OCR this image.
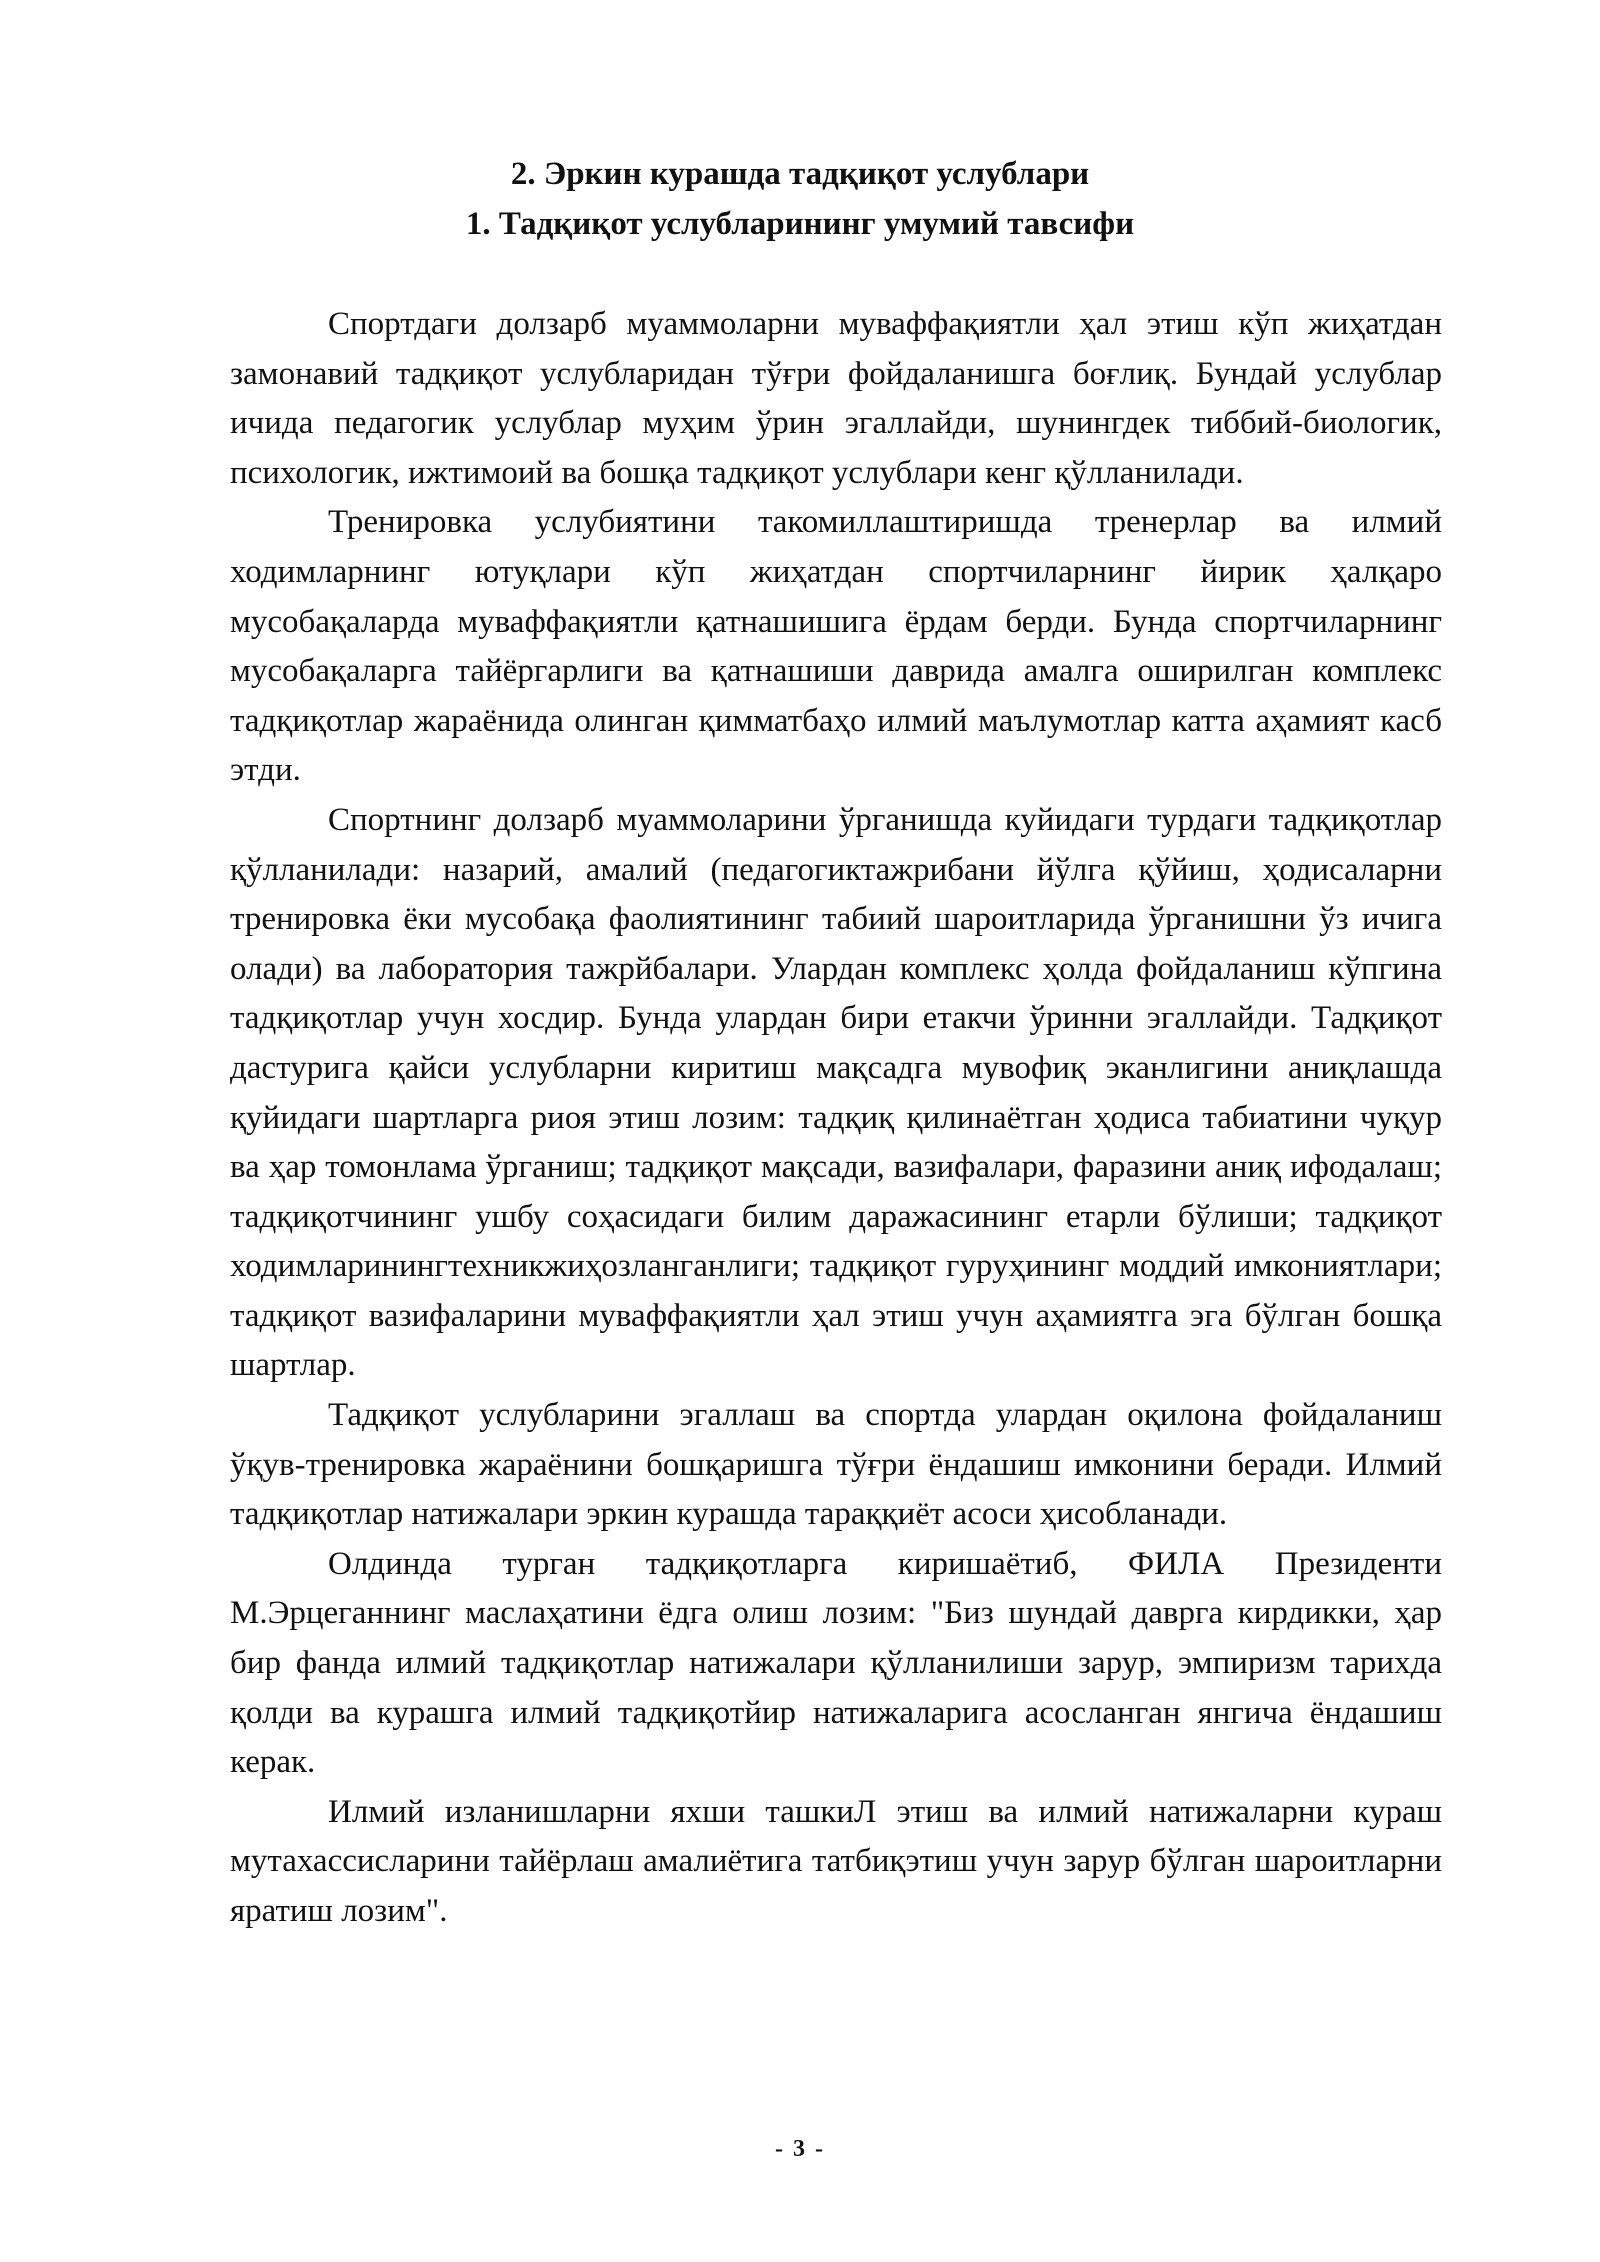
2. Эркин курашда тадқиқот услублари
1. Тадқиқот услубларининг умумий тавсифи

Спортдаги долзарб муаммоларни муваффақиятли ҳал этиш кўп жиҳатдан замонавий тадқиқот услубларидан тўғри фойдаланишга боғлиқ. Бундай услублар ичида педагогик услублар муҳим ўрин эгаллайди, шунингдек тиббий-биологик, психологик, ижтимоий ва бошқа тадқиқот услублари кенг қўлланилади.

Тренировка услубиятини такомиллаштиришда тренерлар ва илмий ходимларнинг ютуқлари кўп жиҳатдан спортчиларнинг йирик ҳалқаро мусобақаларда муваффақиятли қатнашишига ёрдам берди. Бунда спортчиларнинг мусобақаларга тайёргарлиги ва қатнашиши даврида амалга оширилган комплекс тадқиқотлар жараёнида олинган қимматбаҳо илмий маълумотлар катта аҳамият касб этди.

Спортнинг долзарб муаммоларини ўрганишда куйидаги турдаги тадқиқотлар қўлланилади: назарий, амалий (педагогиктажрибани йўлга қўйиш, ҳодисаларни тренировка ёки мусобақа фаолиятининг табиий шароитларида ўрганишни ўз ичига олади) ва лаборатория тажрйбалари. Улардан комплекс ҳолда фойдаланиш кўпгина тадқиқотлар учун хосдир. Бунда улардан бири етакчи ўринни эгаллайди. Тадқиқот дастурига қайси услубларни киритиш мақсадга мувофиқ эканлигини аниқлашда қуйидаги шартларга риоя этиш лозим: тадқиқ қилинаётган ҳодиса табиатини чуқур ва ҳар томонлама ўрганиш; тадқиқот мақсади, вазифалари, фаразини аниқ ифодалаш; тадқиқотчининг ушбу соҳасидаги билим даражасининг етарли бўлиши; тадқиқот ходимларинингтехникжиҳозланганлиги; тадқиқот гуруҳининг моддий имкониятлари; тадқиқот вазифаларини муваффақиятли ҳал этиш учун аҳамиятга эга бўлган бошқа шартлар.

Тадқиқот услубларини эгаллаш ва спортда улардан оқилона фойдаланиш ўқув-тренировка жараёнини бошқаришга тўғри ёндашиш имконини беради. Илмий тадқиқотлар натижалари эркин курашда тараққиёт асоси ҳисобланади.

Олдинда турган тадқиқотларга киришаётиб, ФИЛА Президенти М.Эрцеганнинг маслаҳатини ёдга олиш лозим: "Биз шундай даврга кирдикки, ҳар бир фанда илмий тадқиқотлар натижалари қўлланилиши зарур, эмпиризм тарихда қолди ва курашга илмий тадқиқотйир натижаларига асосланган янгича ёндашиш керак.

Илмий изланишларни яхши ташкиЛ этиш ва илмий натижаларни кураш мутахассисларини тайёрлаш амалиётига татбиқэтиш учун зарур бўлган шароитларни яратиш лозим".

- 3 -
